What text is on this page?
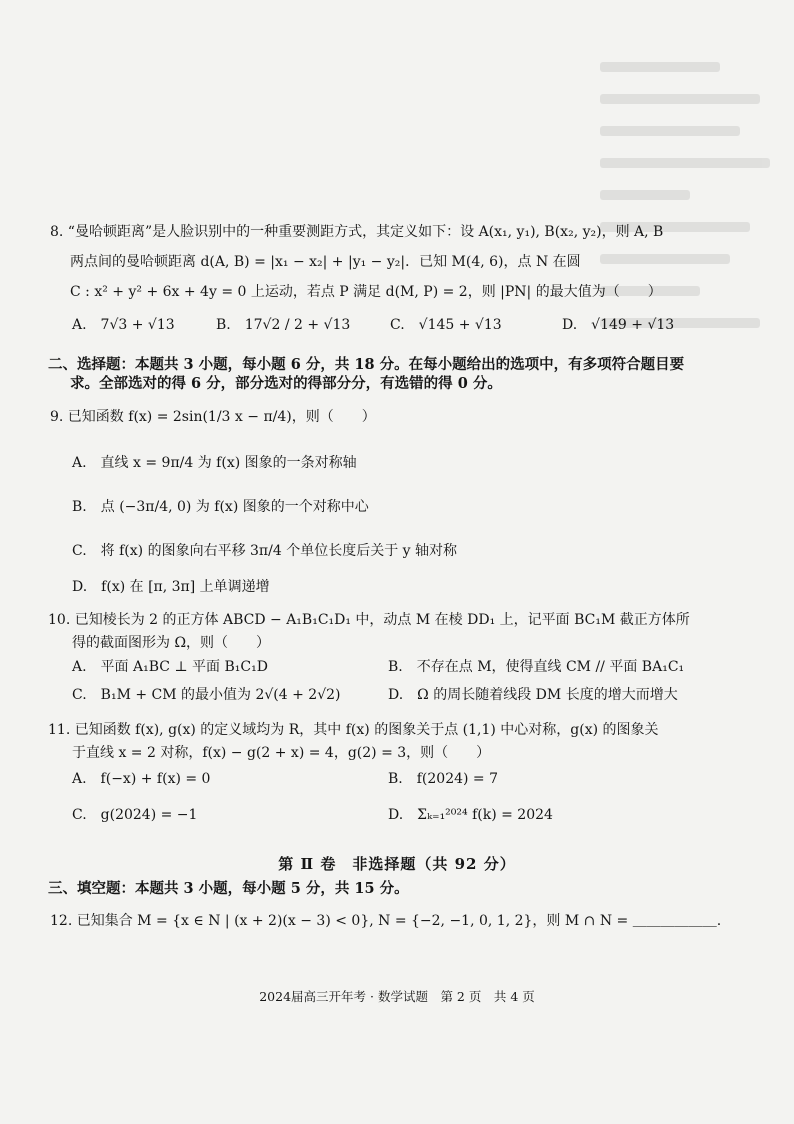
8. “曼哈顿距离”是人脸识别中的一种重要测距方式，其定义如下：设 A(x₁, y₁), B(x₂, y₂)，则 A, B
两点间的曼哈顿距离 d(A, B) = |x₁ − x₂| + |y₁ − y₂|．已知 M(4, 6)，点 N 在圆
C : x² + y² + 6x + 4y = 0 上运动，若点 P 满足 d(M, P) = 2，则 |PN| 的最大值为（　　）
A.　7√3 + √13	B.　17√2 / 2 + √13	C.　√145 + √13	D.　√149 + √13
二、选择题：本题共 3 小题，每小题 6 分，共 18 分。在每小题给出的选项中，有多项符合题目要
求。全部选对的得 6 分，部分选对的得部分分，有选错的得 0 分。
9. 已知函数 f(x) = 2sin(1/3 x − π/4)，则（　　）
A.　直线 x = 9π/4 为 f(x) 图象的一条对称轴
B.　点 (−3π/4, 0) 为 f(x) 图象的一个对称中心
C.　将 f(x) 的图象向右平移 3π/4 个单位长度后关于 y 轴对称
D.　f(x) 在 [π, 3π] 上单调递增
10. 已知棱长为 2 的正方体 ABCD − A₁B₁C₁D₁ 中，动点 M 在棱 DD₁ 上，记平面 BC₁M 截正方体所
得的截面图形为 Ω，则（　　）
A.　平面 A₁BC ⊥ 平面 B₁C₁D	B.　不存在点 M，使得直线 CM // 平面 BA₁C₁
C.　B₁M + CM 的最小值为 2√(4 + 2√2)	D.　Ω 的周长随着线段 DM 长度的增大而增大
11. 已知函数 f(x), g(x) 的定义域均为 R，其中 f(x) 的图象关于点 (1,1) 中心对称，g(x) 的图象关
于直线 x = 2 对称，f(x) − g(2 + x) = 4，g(2) = 3，则（　　）
A.　f(−x) + f(x) = 0	B.　f(2024) = 7
C.　g(2024) = −1	D.　Σₖ₌₁²⁰²⁴ f(k) = 2024
第 Ⅱ 卷　非选择题（共 92 分）
三、填空题：本题共 3 小题，每小题 5 分，共 15 分。
12. 已知集合 M = {x ∈ N | (x + 2)(x − 3) < 0}, N = {−2, −1, 0, 1, 2}，则 M ∩ N = ＿＿＿＿＿＿.
2024届高三开年考 · 数学试题　第 2 页　共 4 页
